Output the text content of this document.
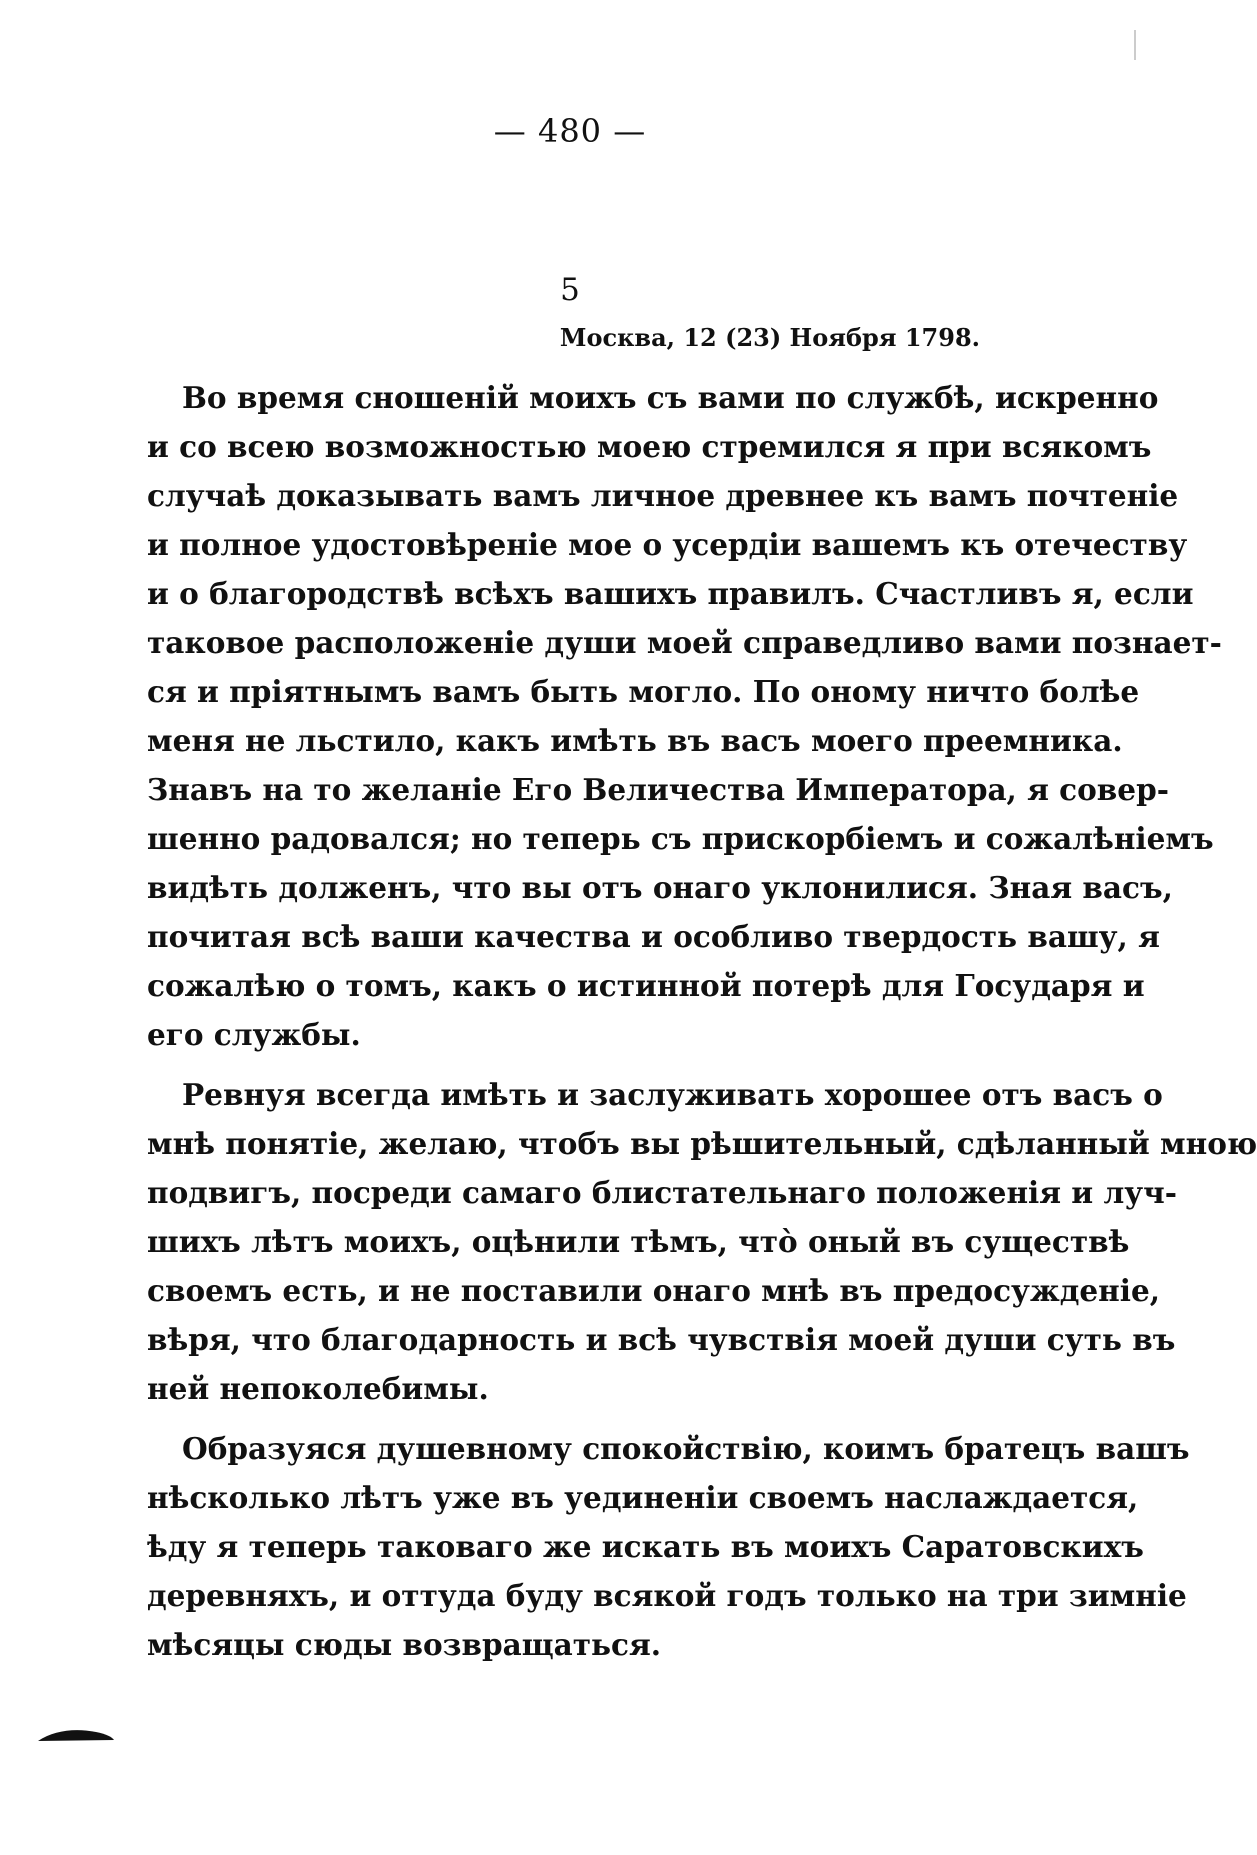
— 480 —
5
Москва, 12 (23) Ноября 1798.

Во время сношеній моихъ съ вами по службѣ, искренно
и со всею возможностью моею стремился я при всякомъ
случаѣ доказывать вамъ личное древнее къ вамъ почтеніе
и полное удостовѣреніе мое о усердіи вашемъ къ отечеству
и о благородствѣ всѣхъ вашихъ правилъ. Счастливъ я, если
таковое расположеніе души моей справедливо вами познает-
ся и пріятнымъ вамъ быть могло. По оному ничто болѣе
меня не льстило, какъ имѣть въ васъ моего преемника.
Знавъ на то желаніе Его Величества Императора, я совер-
шенно радовался; но теперь съ прискорбіемъ и сожалѣніемъ
видѣть долженъ, что вы отъ онаго уклонилися. Зная васъ,
почитая всѣ ваши качества и особливо твердость вашу, я
сожалѣю о томъ, какъ о истинной потерѣ для Государя и
его службы.

Ревнуя всегда имѣть и заслуживать хорошее отъ васъ о
мнѣ понятіе, желаю, чтобъ вы рѣшительный, сдѣланный мною
подвигъ, посреди самаго блистательнаго положенія и луч-
шихъ лѣтъ моихъ, оцѣнили тѣмъ, что̀ оный въ существѣ
своемъ есть, и не поставили онаго мнѣ въ предосужденіе,
вѣря, что благодарность и всѣ чувствія моей души суть въ
ней непоколебимы.

Образуяся душевному спокойствію, коимъ братецъ вашъ
нѣсколько лѣтъ уже въ уединеніи своемъ наслаждается,
ѣду я теперь таковаго же искать въ моихъ Саратовскихъ
деревняхъ, и оттуда буду всякой годъ только на три зимніе
мѣсяцы сюды возвращаться.
